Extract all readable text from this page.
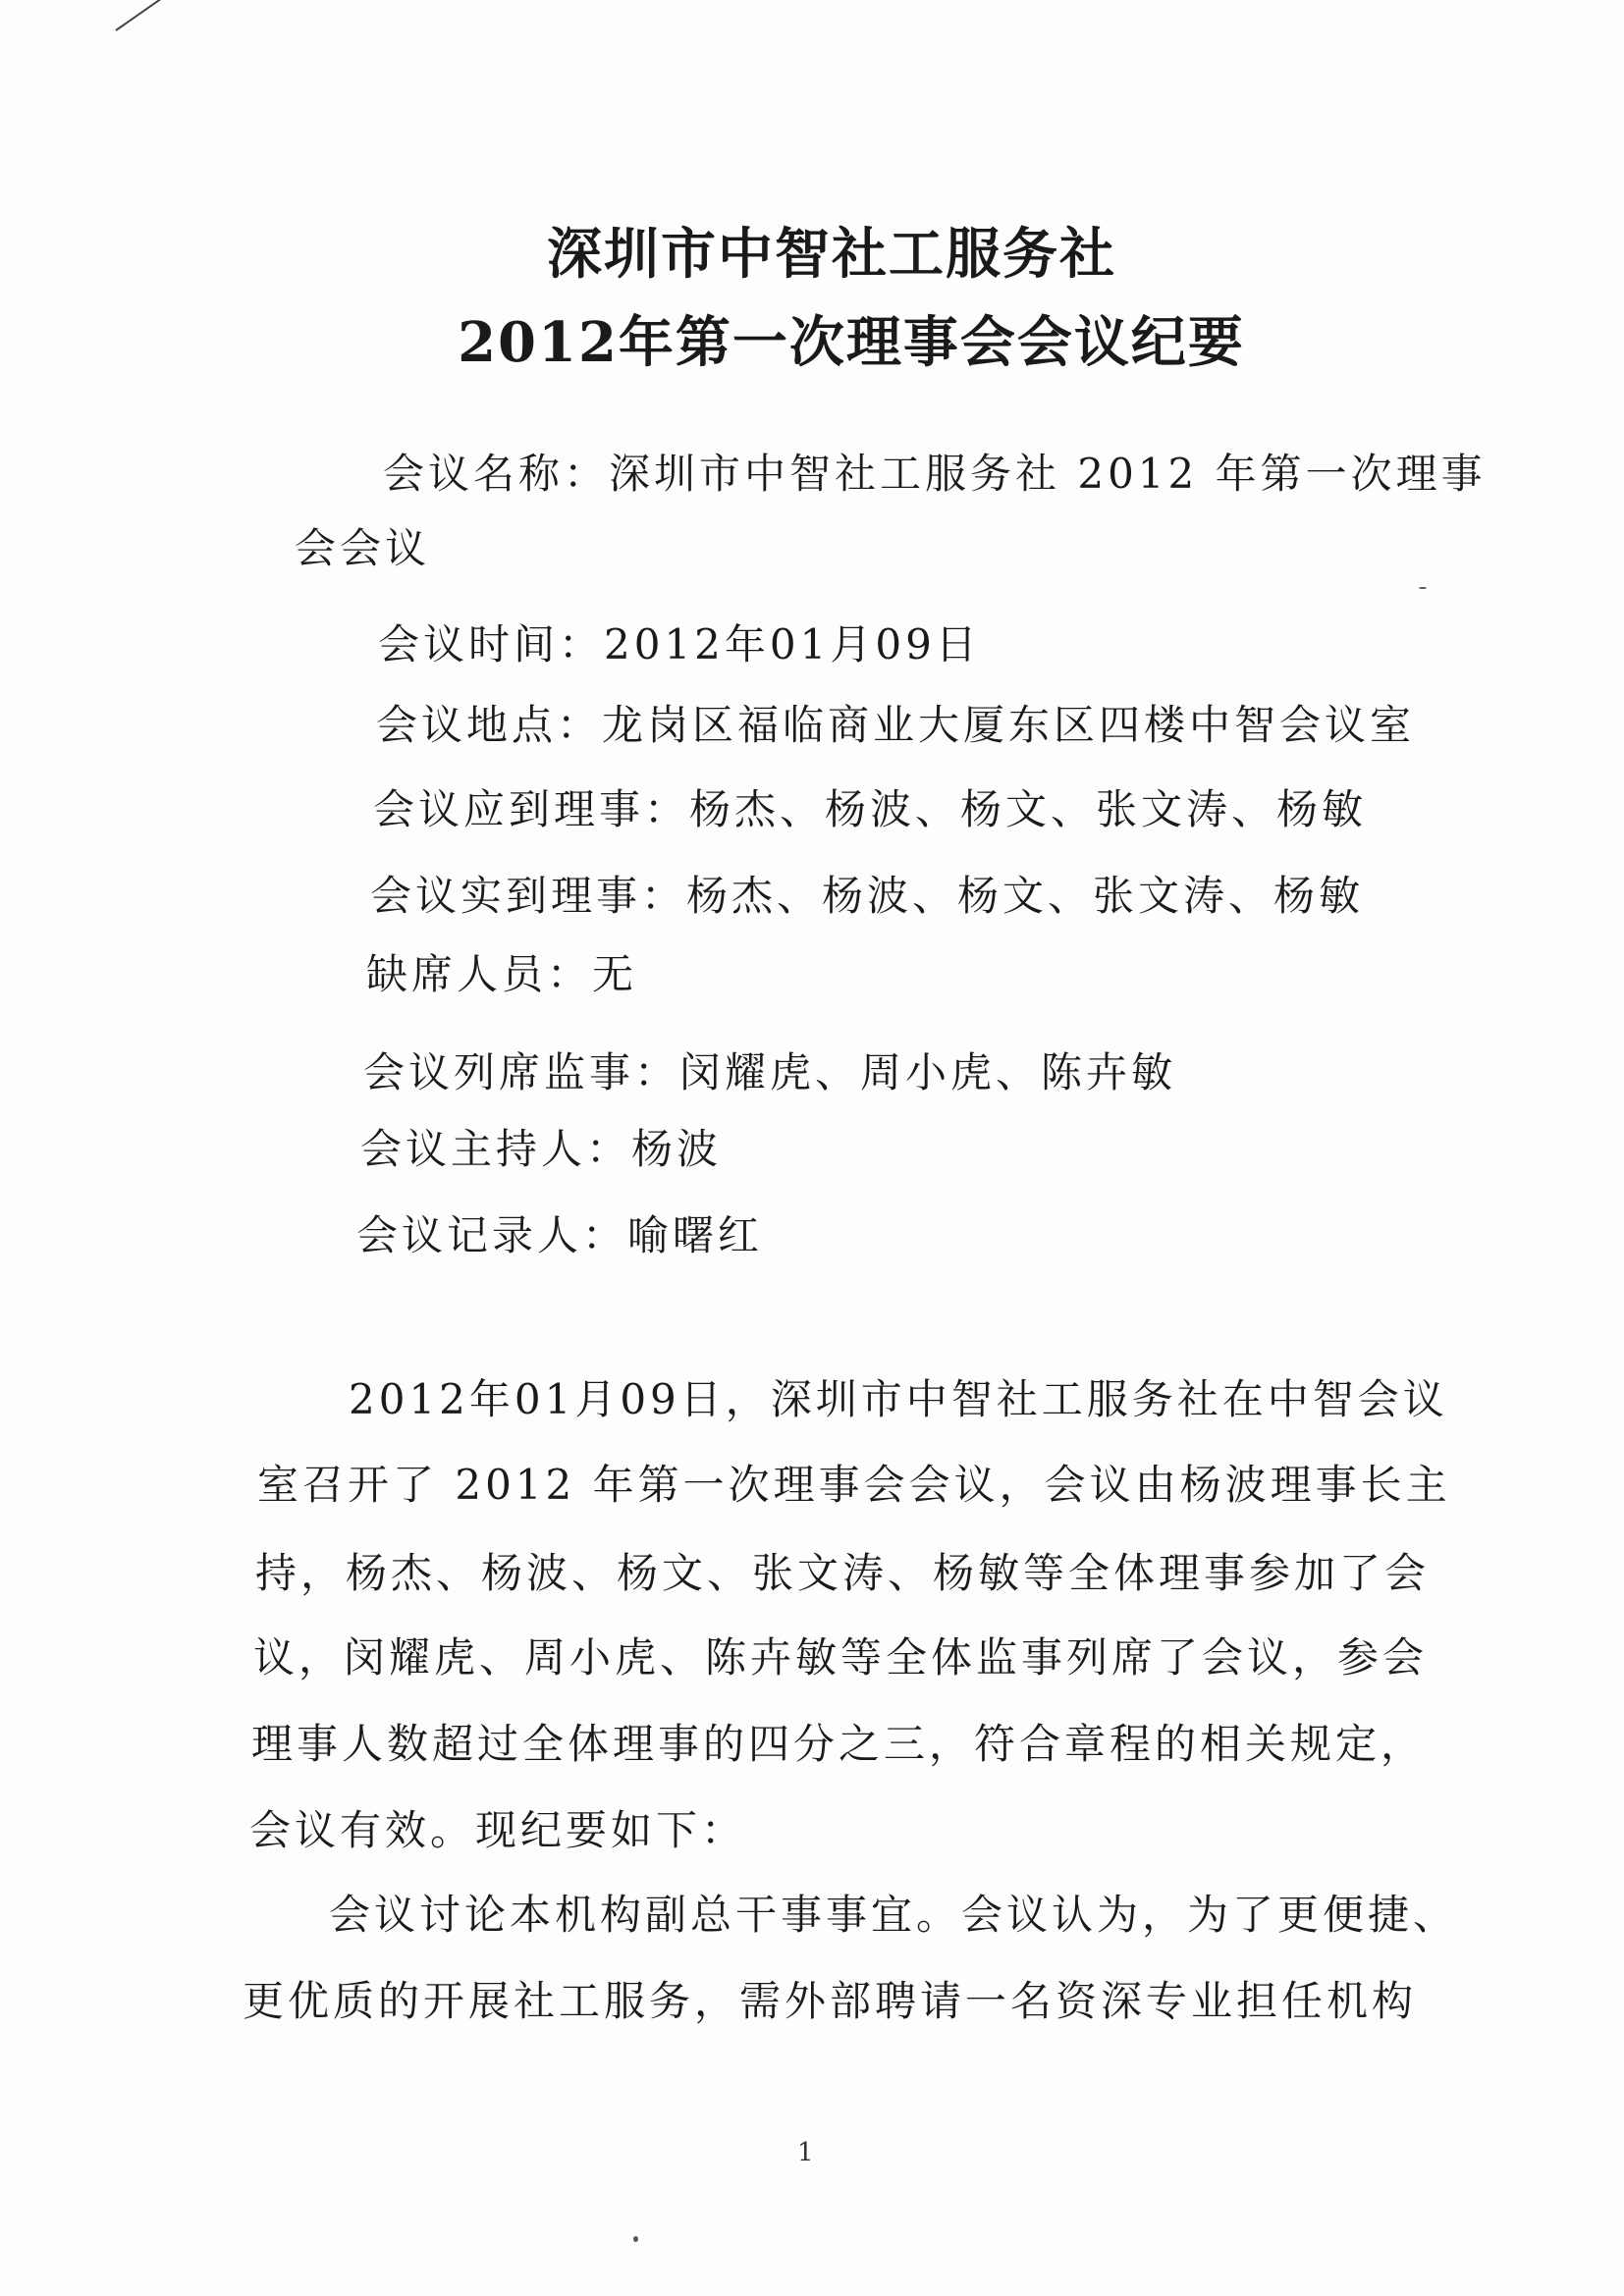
深圳市中智社工服务社
2012年第一次理事会会议纪要
会议名称：深圳市中智社工服务社 2012 年第一次理事
会会议
会议时间：2012年01月09日
会议地点：龙岗区福临商业大厦东区四楼中智会议室
会议应到理事：杨杰、杨波、杨文、张文涛、杨敏
会议实到理事：杨杰、杨波、杨文、张文涛、杨敏
缺席人员：无
会议列席监事：闵耀虎、周小虎、陈卉敏
会议主持人：杨波
会议记录人：喻曙红
2012年01月09日，深圳市中智社工服务社在中智会议
室召开了 2012 年第一次理事会会议，会议由杨波理事长主
持，杨杰、杨波、杨文、张文涛、杨敏等全体理事参加了会
议，闵耀虎、周小虎、陈卉敏等全体监事列席了会议，参会
理事人数超过全体理事的四分之三，符合章程的相关规定，
会议有效。现纪要如下：
会议讨论本机构副总干事事宜。会议认为，为了更便捷、
更优质的开展社工服务，需外部聘请一名资深专业担任机构
1
